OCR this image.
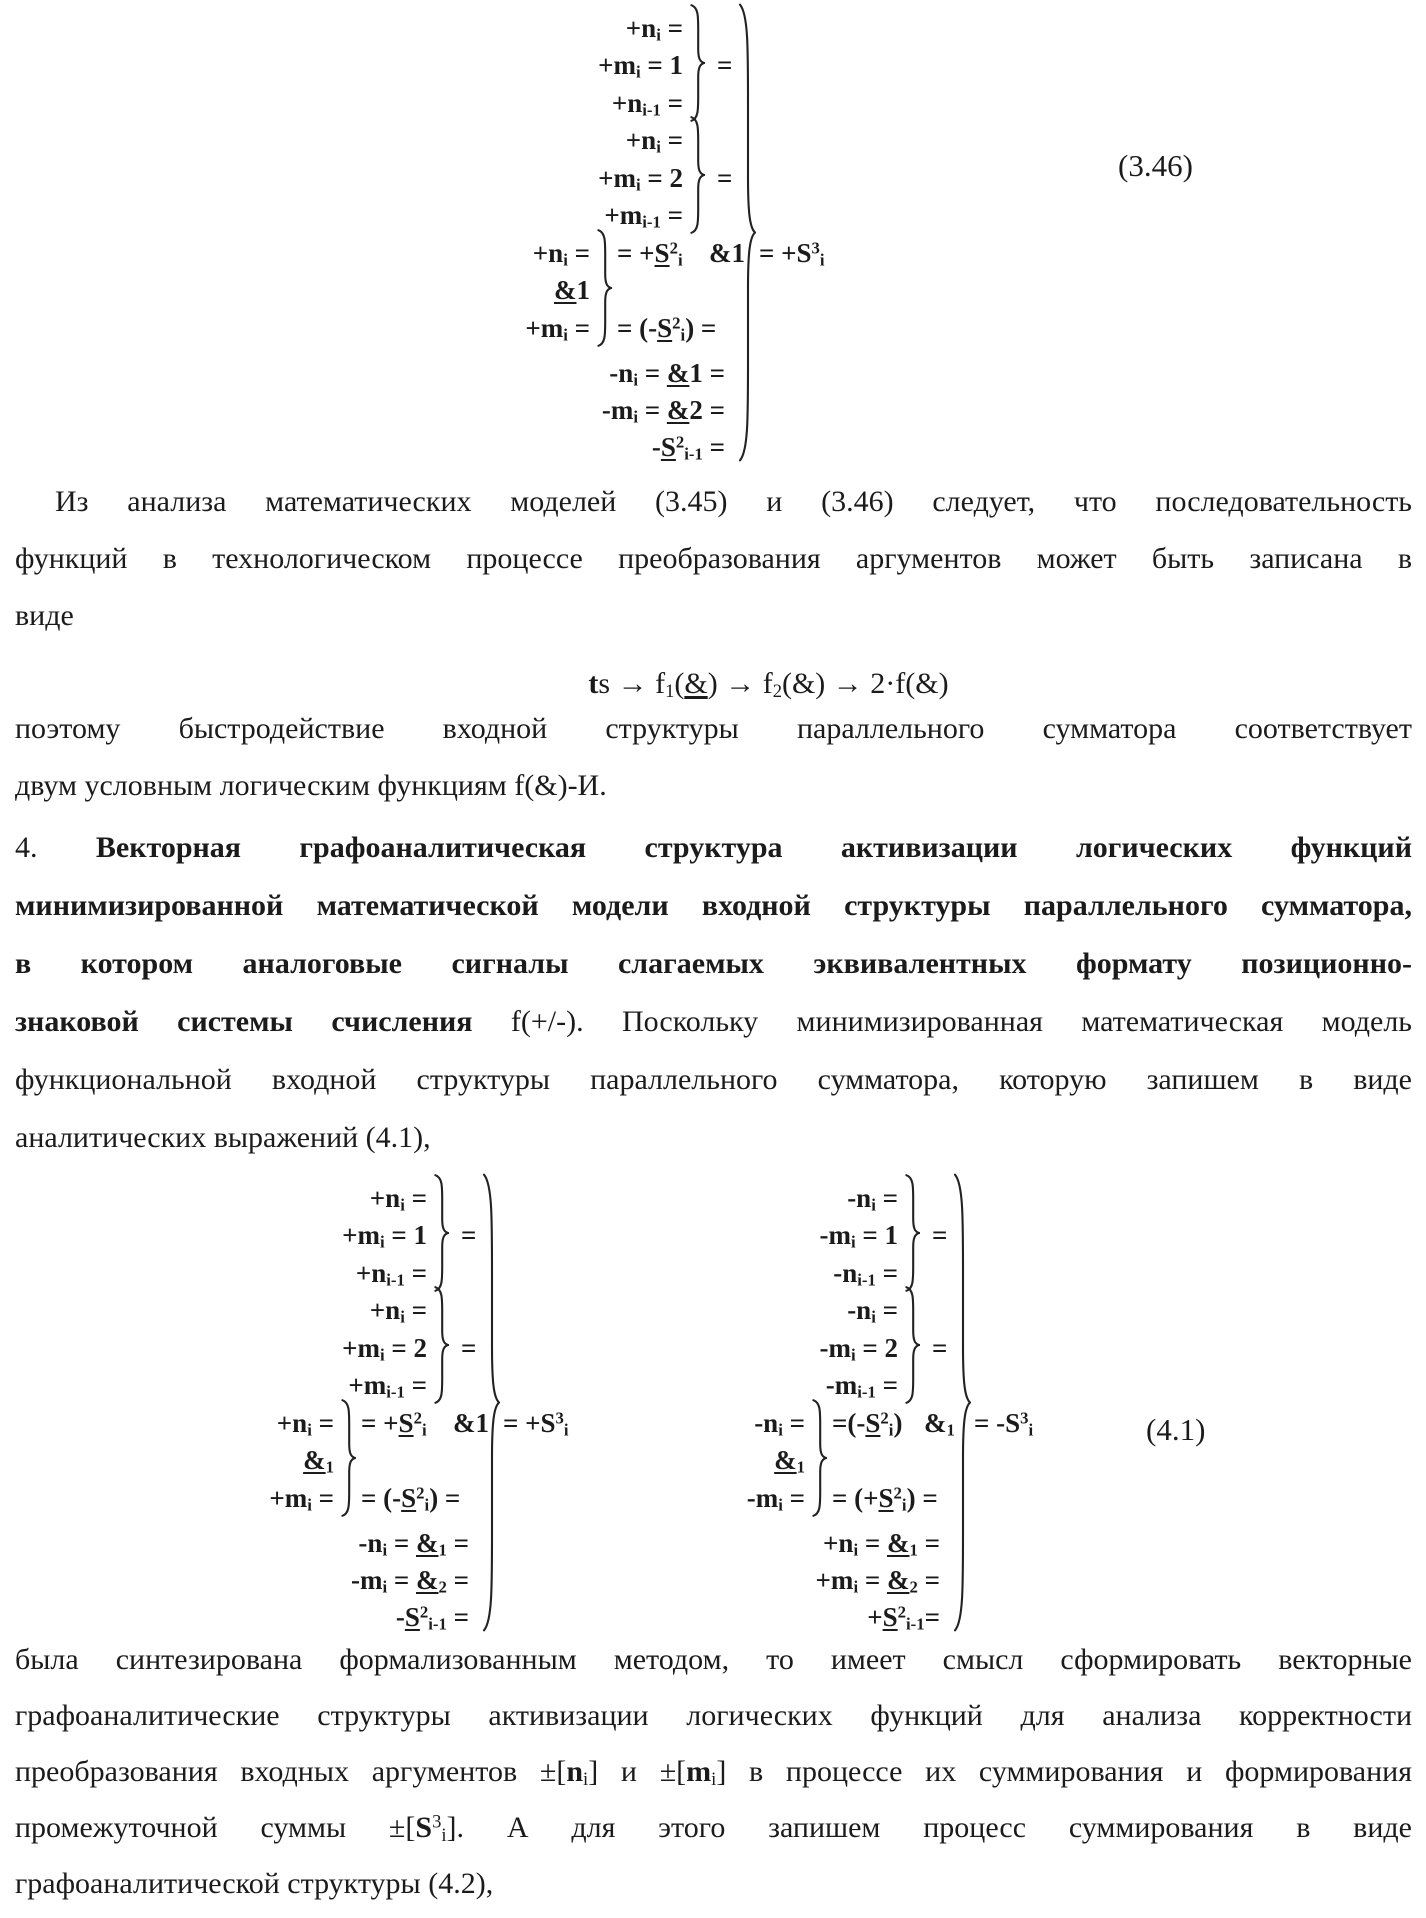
$+n_i$ =
$+m_i = 1$
$+n_{i-1}$ =
=
$+n_i$ =
$+m_i = 2$
$+m_{i-1}$ =
=
$+n_i$ =
&1
$+m_i$ =
= $+S^2_i$
= $(-S^2_i)$ =
$-n_i$ = &1 =
$-m_i$ = &2 =
$-S^2_{i-1}$ =
&1 = $+S^3_i$
(3.46)
Из анализа математических моделей (3.45) и (3.46) следует, что последовательность
функций в технологическом процессе преобразования аргументов может быть записана в
виде
ts → $f_1(\&)$ → $f_2(\&)$ → 2·f(&)
поэтому быстродействие входной структуры параллельного сумматора соответствует
двум условным логическим функциям f(&)-И.
4. Векторная графоаналитическая структура активизации логических функций
минимизированной математической модели входной структуры параллельного сумматора,
в котором аналоговые сигналы слагаемых эквивалентных формату позиционно-
знаковой системы счисления f(+/-). Поскольку минимизированная математическая модель
функциональной входной структуры параллельного сумматора, которую запишем в виде
аналитических выражений (4.1),
$+n_i$ =
$+m_i = 1$
$+n_{i-1}$ =
=
$+n_i$ =
$+m_i = 2$
$+m_{i-1}$ =
=
$+n_i$ =
$\&_1$
$+m_i$ =
= $+S^2_i$
= $(-S^2_i)$ =
$-n_i$ = $\&_1$ =
$-m_i$ = $\&_2$ =
$-S^2_{i-1}$ =
&1 = $+S^3_i$
$-n_i$ =
$-m_i = 1$
$-n_{i-1}$ =
=
$-n_i$ =
$-m_i = 2$
$-m_{i-1}$ =
=
$-n_i$ =
$\&_1$
$-m_i$ =
$=(-S^2_i)$
= $(+S^2_i)$ =
$+n_i$ = $\&_1$ =
$+m_i$ = $\&_2$ =
$+S^2_{i-1}=$
$\&_1 = -S^3_i$	(4.1)
была синтезирована формализованным методом, то имеет смысл сформировать векторные
графоаналитические структуры активизации логических функций для анализа корректности
преобразования входных аргументов $\pm[n_i]$ $и \pm[m_i]$ в процессе их суммирования и формирования
промежуточной суммы $\pm[S^3_i]$. А для этого запишем процесс суммирования в виде
графоаналитической структуры (4.2),
